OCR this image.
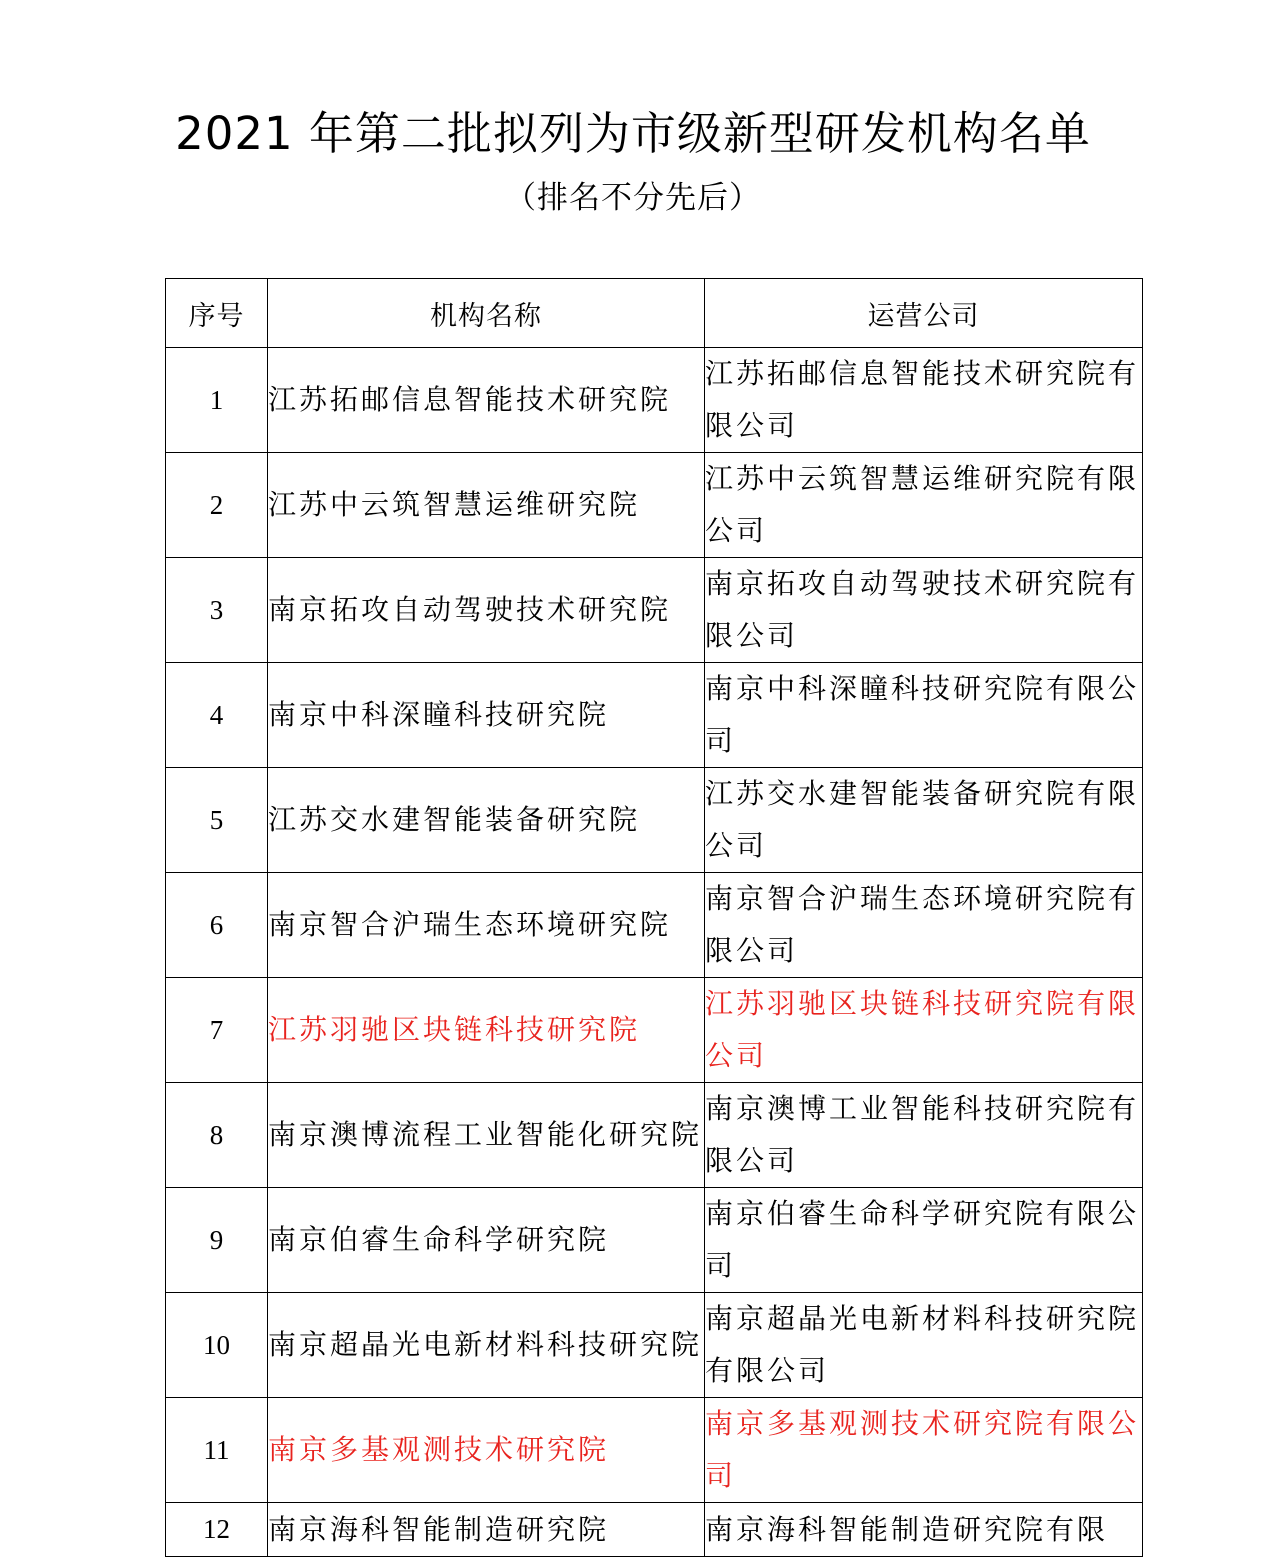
2021 年第二批拟列为市级新型研发机构名单
（排名不分先后）
序号	机构名称	运营公司
1	江苏拓邮信息智能技术研究院	江苏拓邮信息智能技术研究院有限公司
2	江苏中云筑智慧运维研究院	江苏中云筑智慧运维研究院有限公司
3	南京拓攻自动驾驶技术研究院	南京拓攻自动驾驶技术研究院有限公司
4	南京中科深瞳科技研究院	南京中科深瞳科技研究院有限公司
5	江苏交水建智能装备研究院	江苏交水建智能装备研究院有限公司
6	南京智合沪瑞生态环境研究院	南京智合沪瑞生态环境研究院有限公司
7	江苏羽驰区块链科技研究院	江苏羽驰区块链科技研究院有限公司
8	南京澳博流程工业智能化研究院	南京澳博工业智能科技研究院有限公司
9	南京伯睿生命科学研究院	南京伯睿生命科学研究院有限公司
10	南京超晶光电新材料科技研究院	南京超晶光电新材料科技研究院有限公司
11	南京多基观测技术研究院	南京多基观测技术研究院有限公司
12	南京海科智能制造研究院	南京海科智能制造研究院有限
